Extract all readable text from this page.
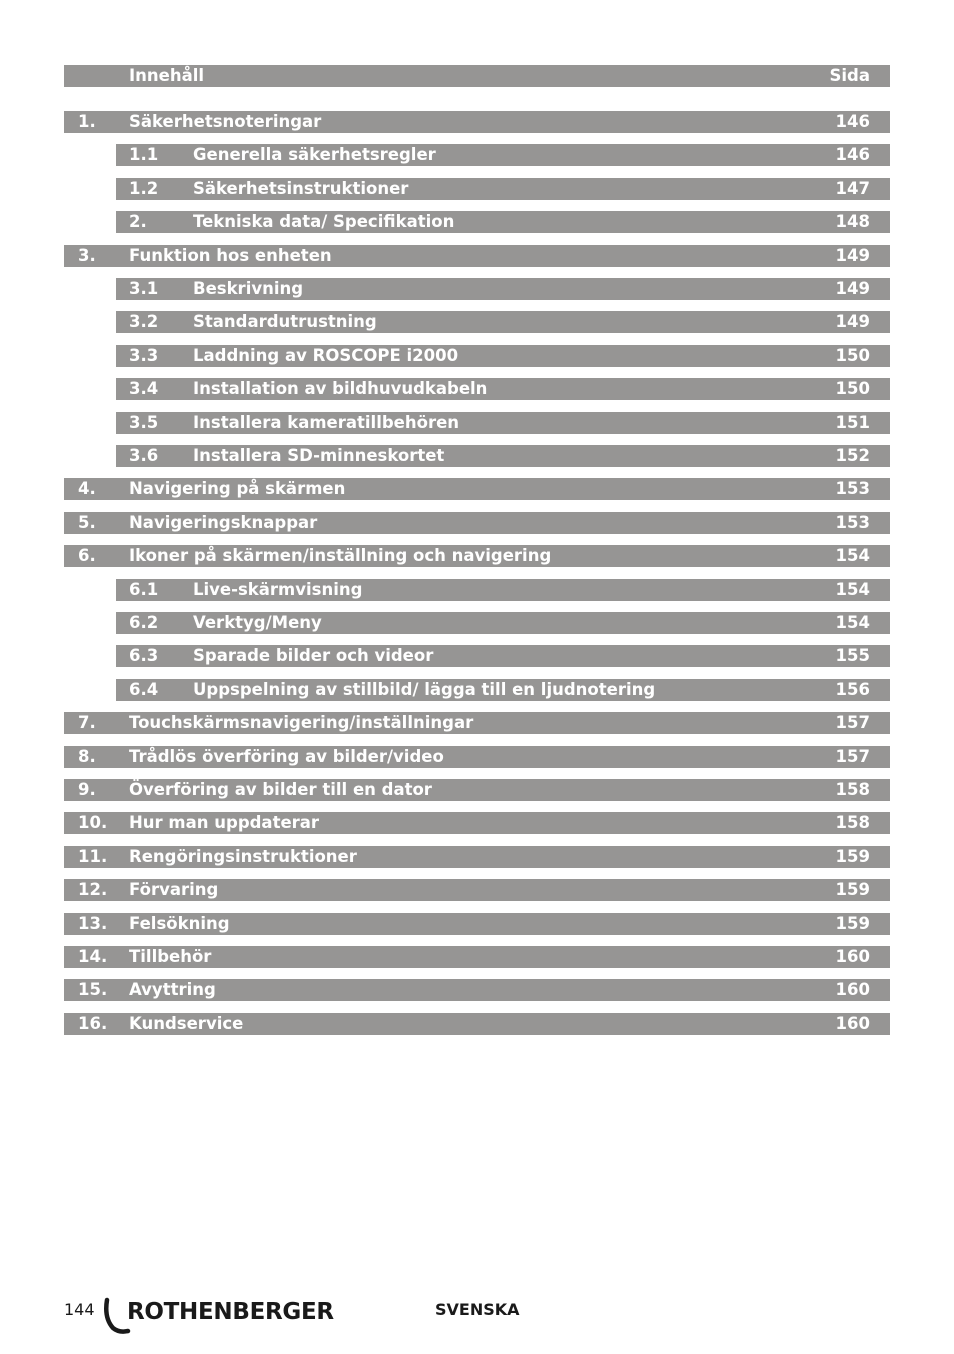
Innehåll	Sida
1. Säkerhetsnoteringar	146
1.1 Generella säkerhetsregler	146
1.2 Säkerhetsinstruktioner	147
2.	Tekniska data/ Specifikation	148
3. Funktion hos enheten	149
3.1 Beskrivning	149
3.2 Standardutrustning	149
3.3 Laddning av ROSCOPE i2000	150
3.4 Installation av bildhuvudkabeln	150
3.5 Installera kameratillbehören	151
3.6 Installera SD-minneskortet	152
4. Navigering på skärmen	153
5. Navigeringsknappar	153
6. Ikoner på skärmen/inställning och navigering	154
6.1 Live-skärmvisning	154
6.2 Verktyg/Meny	154
6.3 Sparade bilder och videor	155
6.4 Uppspelning av stillbild/ lägga till en ljudnotering	156
7. Touchskärmsnavigering/inställningar	157
8. Trådlös överföring av bilder/video	157
9. Överföring av bilder till en dator	158
10. Hur man uppdaterar	158
11. Rengöringsinstruktioner	159
12. Förvaring	159
13. Felsökning	159
14. Tillbehör	160
15. Avyttring	160
16. Kundservice	160
144 ROTHENBERGER	SVENSKA
